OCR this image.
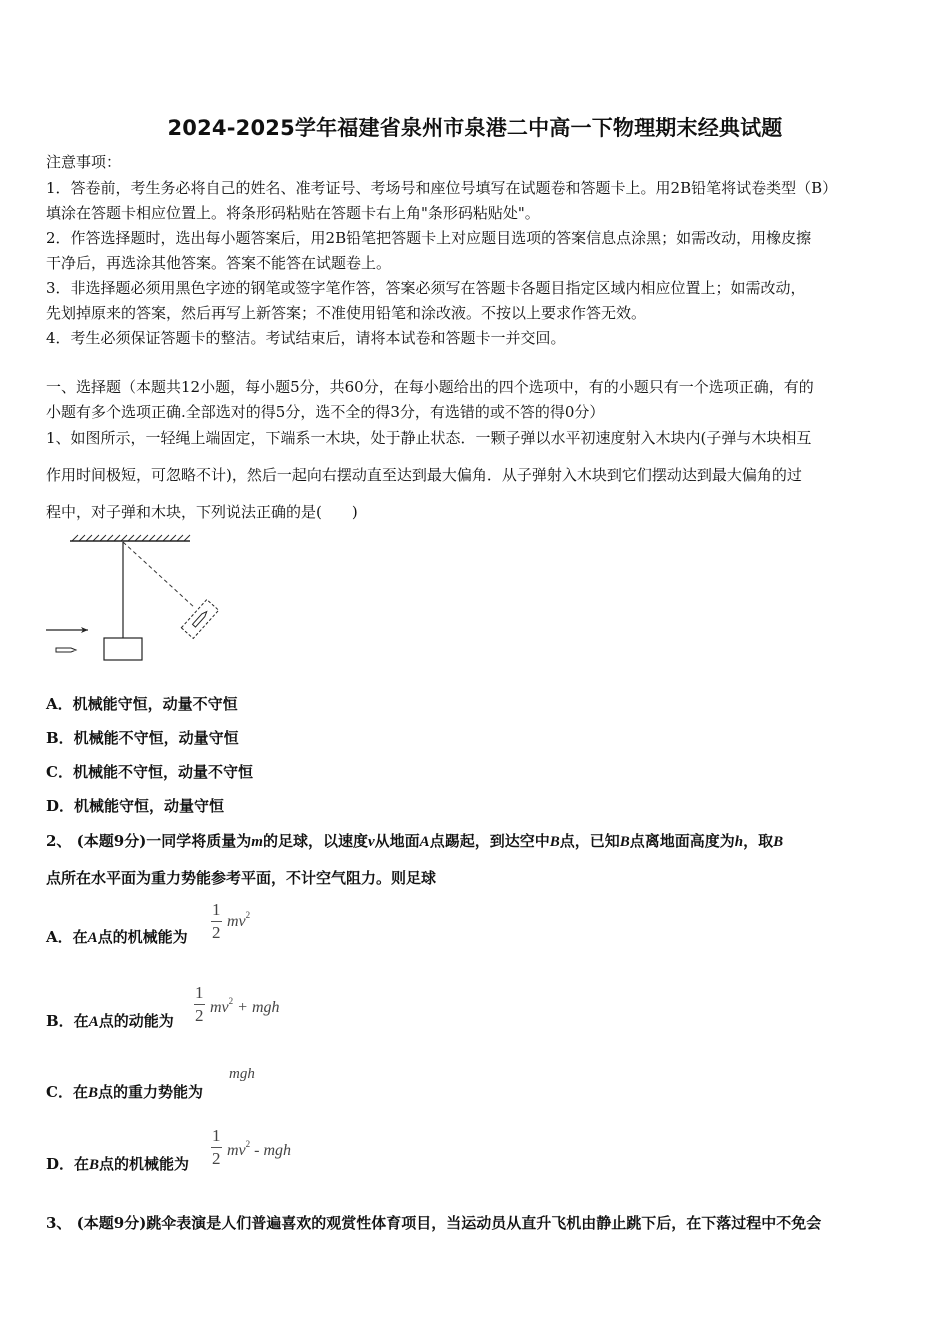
2024-2025学年福建省泉州市泉港二中高一下物理期末经典试题
注意事项：
1．答卷前，考生务必将自己的姓名、准考证号、考场号和座位号填写在试题卷和答题卡上。用2B铅笔将试卷类型（B）
填涂在答题卡相应位置上。将条形码粘贴在答题卡右上角"条形码粘贴处"。
2．作答选择题时，选出每小题答案后，用2B铅笔把答题卡上对应题目选项的答案信息点涂黑；如需改动，用橡皮擦
干净后，再选涂其他答案。答案不能答在试题卷上。
3．非选择题必须用黑色字迹的钢笔或签字笔作答，答案必须写在答题卡各题目指定区域内相应位置上；如需改动，
先划掉原来的答案，然后再写上新答案；不准使用铅笔和涂改液。不按以上要求作答无效。
4．考生必须保证答题卡的整洁。考试结束后，请将本试卷和答题卡一并交回。
一、选择题（本题共12小题，每小题5分，共60分，在每小题给出的四个选项中，有的小题只有一个选项正确，有的
小题有多个选项正确.全部选对的得5分，选不全的得3分，有选错的或不答的得0分）
1、如图所示，一轻绳上端固定，下端系一木块，处于静止状态．一颗子弹以水平初速度射入木块内(子弹与木块相互
作用时间极短，可忽略不计)，然后一起向右摆动直至达到最大偏角．从子弹射入木块到它们摆动达到最大偏角的过
程中，对子弹和木块，下列说法正确的是(　　)
A．机械能守恒，动量不守恒
B．机械能不守恒，动量守恒
C．机械能不守恒，动量不守恒
D．机械能守恒，动量守恒
2、 (本题9分)一同学将质量为m的足球，以速度v从地面A点踢起，到达空中B点，已知B点离地面高度为h，取B
点所在水平面为重力势能参考平面，不计空气阻力。则足球
A．在A点的机械能为
1
2
$mv^2$
B．在A点的动能为
1
2 $mv^2$ + mgh
C．在B点的重力势能为
mgh
D．在B点的机械能为
1
2 $mv^2$ - mgh
3、 (本题9分)跳伞表演是人们普遍喜欢的观赏性体育项目，当运动员从直升飞机由静止跳下后，在下落过程中不免会
